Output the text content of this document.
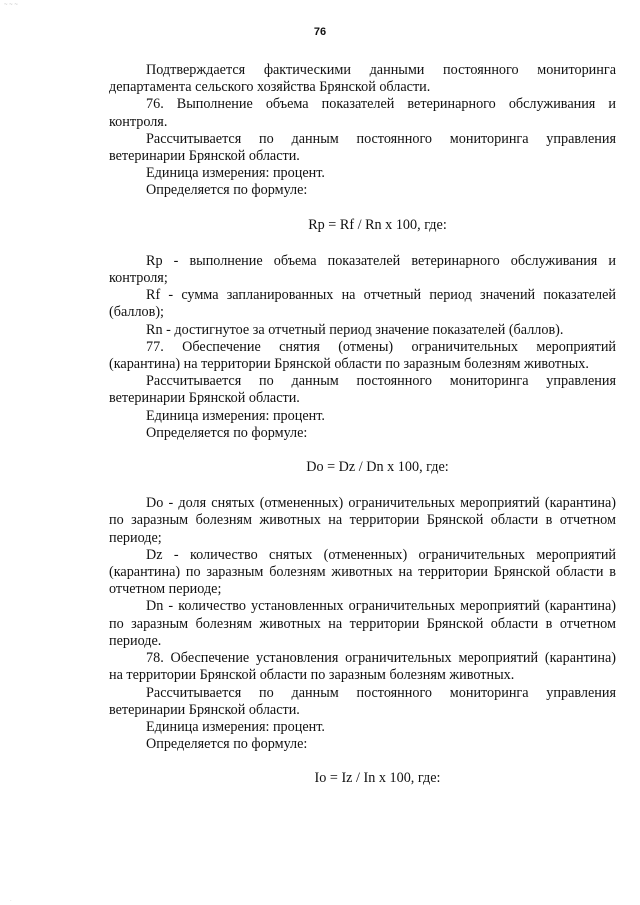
~ ~ ~
76

Подтверждается фактическими данными постоянного мониторинга департамента сельского хозяйства Брянской области.

76. Выполнение объема показателей ветеринарного обслуживания и контроля.

Рассчитывается по данным постоянного мониторинга управления ветеринарии Брянской области.

Единица измерения: процент.

Определяется по формуле:

Rp = Rf / Rn x 100, где:

Rp - выполнение объема показателей ветеринарного обслуживания и контроля;

Rf - сумма запланированных на отчетный период значений показателей (баллов);

Rn - достигнутое за отчетный период значение показателей (баллов).

77. Обеспечение снятия (отмены) ограничительных мероприятий (карантина) на территории Брянской области по заразным болезням животных.

Рассчитывается по данным постоянного мониторинга управления ветеринарии Брянской области.

Единица измерения: процент.

Определяется по формуле:

Do = Dz / Dn x 100, где:

Do - доля снятых (отмененных) ограничительных мероприятий (карантина) по заразным болезням животных на территории Брянской области в отчетном периоде;

Dz - количество снятых (отмененных) ограничительных мероприятий (карантина) по заразным болезням животных на территории Брянской области в отчетном периоде;

Dn - количество установленных ограничительных мероприятий (карантина) по заразным болезням животных на территории Брянской области в отчетном периоде.

78. Обеспечение установления ограничительных мероприятий (карантина) на территории Брянской области по заразным болезням животных.

Рассчитывается по данным постоянного мониторинга управления ветеринарии Брянской области.

Единица измерения: процент.

Определяется по формуле:

Io = Iz / In x 100, где:

.
